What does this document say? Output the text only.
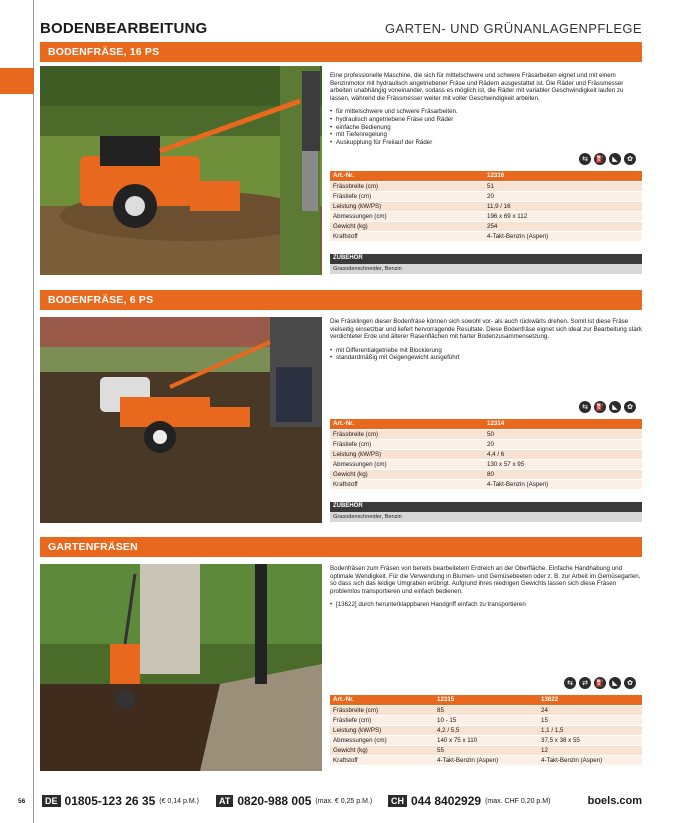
BODENBEARBEITUNG	GARTEN- UND GRÜNANLAGENPFLEGE
BODENFRÄSE, 16 PS

Eine professionelle Maschine, die sich für mittelschwere und schwere Fräsarbeiten eignet und mit einem Benzinmotor mit hydraulisch angetriebener Fräse und Rädern ausgestattet ist. Die Räder und Frässmesser arbeiten unabhängig voneinander, sodass es möglich ist, die Räder mit variabler Geschwindigkeit laufen zu lassen, während die Frässmesser weiter mit voller Geschwindigkeit arbeiten.

• für mittelschwere und schwere Fräsarbeiten.
• hydraulisch angetriebene Fräse und Räder
• einfache Bedienung
• mit Tiefenregelung
• Auskupplung für Freilauf der Räder
⇆	⛽	◣	✿
Art.-Nr.	12316
Frässbreite (cm)	51
Frästiefe (cm)	20
Leistung (kW/PS)	11,9 / 16
Abmessungen (cm)	196 x 69 x 112
Gewicht (kg)	254
Kraftstoff	4-Takt-Benzin (Aspen)
ZUBEHÖR
Grasodenschneider, Benzin
BODENFRÄSE, 6 PS

Die Fräsklingen dieser Bodenfräse können sich sowohl vor- als auch rückwärts drehen. Somit ist diese Fräse vielseitig einsetzbar und liefert hervorragende Resultate. Diese Bodenfräse eignet sich ideal zur Bearbeitung stark verdichteter Erde und älterer Rasenflächen mit harter Bodenzusammensetzung.

• mit Differentialgetriebe mit Blockierung
• standardmäßig mit Gegengewicht ausgeführt
⇆	⛽	◣	✿
Art.-Nr.	12314
Frässbreite (cm)	50
Frästiefe (cm)	20
Leistung (kW/PS)	4,4 / 6
Abmessungen (cm)	130 x 57 x 95
Gewicht (kg)	80
Kraftstoff	4-Takt-Benzin (Aspen)
ZUBEHÖR
Grasodenschneider, Benzin
GARTENFRÄSEN

Bodenfräsen zum Fräsen von bereits bearbeitetem Erdreich an der Oberfläche. Einfache Handhabung und optimale Wendigkeit. Für die Verwendung in Blumen- und Gemüsebeeten oder z. B. zur Arbeit im Gemüsegarten, so dass sich das leidige Umgraben erübrigt. Aufgrund ihres niedrigen Gewichts lassen sich diese Fräsen problemlos transportieren und einfach bedienen.

• [13622] durch herunterklappbaren Handgriff einfach zu transportieren
⇆	⇄	⛽	◣	✿
Art.-Nr.	12315	13622
Frässbreite (cm)	85	24
Frästiefe (cm)	10 - 15	15
Leistung (kW/PS)	4,2 / 5,5	1,1 / 1,5
Abmessungen (cm)	140 x 75 x 110	37,5 x 38 x 55
Gewicht (kg)	55	12
Kraftstoff	4-Takt-Benzin (Aspen)	4-Takt-Benzin (Aspen)
56	DE 01805-123 26 35 (€ 0,14 p.M.)	AT 0820-988 005 (max. € 0,25 p.M.)	CH 044 8402929 (max. CHF 0,20 p.M)	boels.com
